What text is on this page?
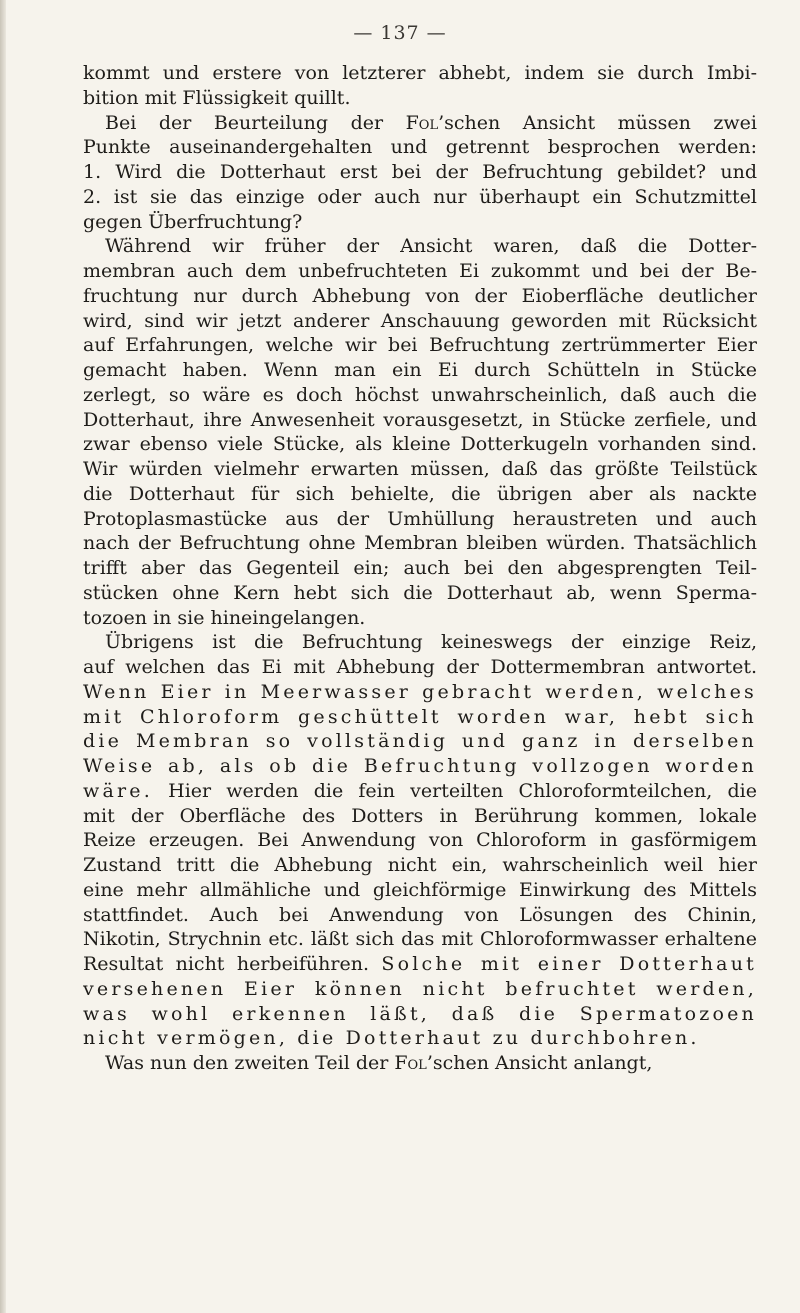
— 137 —
kommt und erstere von letzterer abhebt, indem sie durch Imbi-
bition mit Flüssigkeit quillt.
Bei der Beurteilung der Fol’schen Ansicht müssen zwei
Punkte auseinandergehalten und getrennt besprochen werden:
1. Wird die Dotterhaut erst bei der Befruchtung gebildet? und
2. ist sie das einzige oder auch nur überhaupt ein Schutzmittel
gegen Überfruchtung?
Während wir früher der Ansicht waren, daß die Dotter-
membran auch dem unbefruchteten Ei zukommt und bei der Be-
fruchtung nur durch Abhebung von der Eioberfläche deutlicher
wird, sind wir jetzt anderer Anschauung geworden mit Rücksicht
auf Erfahrungen, welche wir bei Befruchtung zertrümmerter Eier
gemacht haben. Wenn man ein Ei durch Schütteln in Stücke
zerlegt, so wäre es doch höchst unwahrscheinlich, daß auch die
Dotterhaut, ihre Anwesenheit vorausgesetzt, in Stücke zerfiele, und
zwar ebenso viele Stücke, als kleine Dotterkugeln vorhanden sind.
Wir würden vielmehr erwarten müssen, daß das größte Teilstück
die Dotterhaut für sich behielte, die übrigen aber als nackte
Protoplasmastücke aus der Umhüllung heraustreten und auch
nach der Befruchtung ohne Membran bleiben würden. Thatsächlich
trifft aber das Gegenteil ein; auch bei den abgesprengten Teil-
stücken ohne Kern hebt sich die Dotterhaut ab, wenn Sperma-
tozoen in sie hineingelangen.
Übrigens ist die Befruchtung keineswegs der einzige Reiz,
auf welchen das Ei mit Abhebung der Dottermembran antwortet.
Wenn Eier in Meerwasser gebracht werden, welches
mit Chloroform geschüttelt worden war, hebt sich
die Membran so vollständig und ganz in derselben
Weise ab, als ob die Befruchtung vollzogen worden
wäre. Hier werden die fein verteilten Chloroformteilchen, die
mit der Oberfläche des Dotters in Berührung kommen, lokale
Reize erzeugen. Bei Anwendung von Chloroform in gasförmigem
Zustand tritt die Abhebung nicht ein, wahrscheinlich weil hier
eine mehr allmähliche und gleichförmige Einwirkung des Mittels
stattfindet. Auch bei Anwendung von Lösungen des Chinin,
Nikotin, Strychnin etc. läßt sich das mit Chloroformwasser erhaltene
Resultat nicht herbeiführen. Solche mit einer Dotterhaut
versehenen Eier können nicht befruchtet werden,
was wohl erkennen läßt, daß die Spermatozoen
nicht vermögen, die Dotterhaut zu durchbohren.
Was nun den zweiten Teil der Fol’schen Ansicht anlangt,
